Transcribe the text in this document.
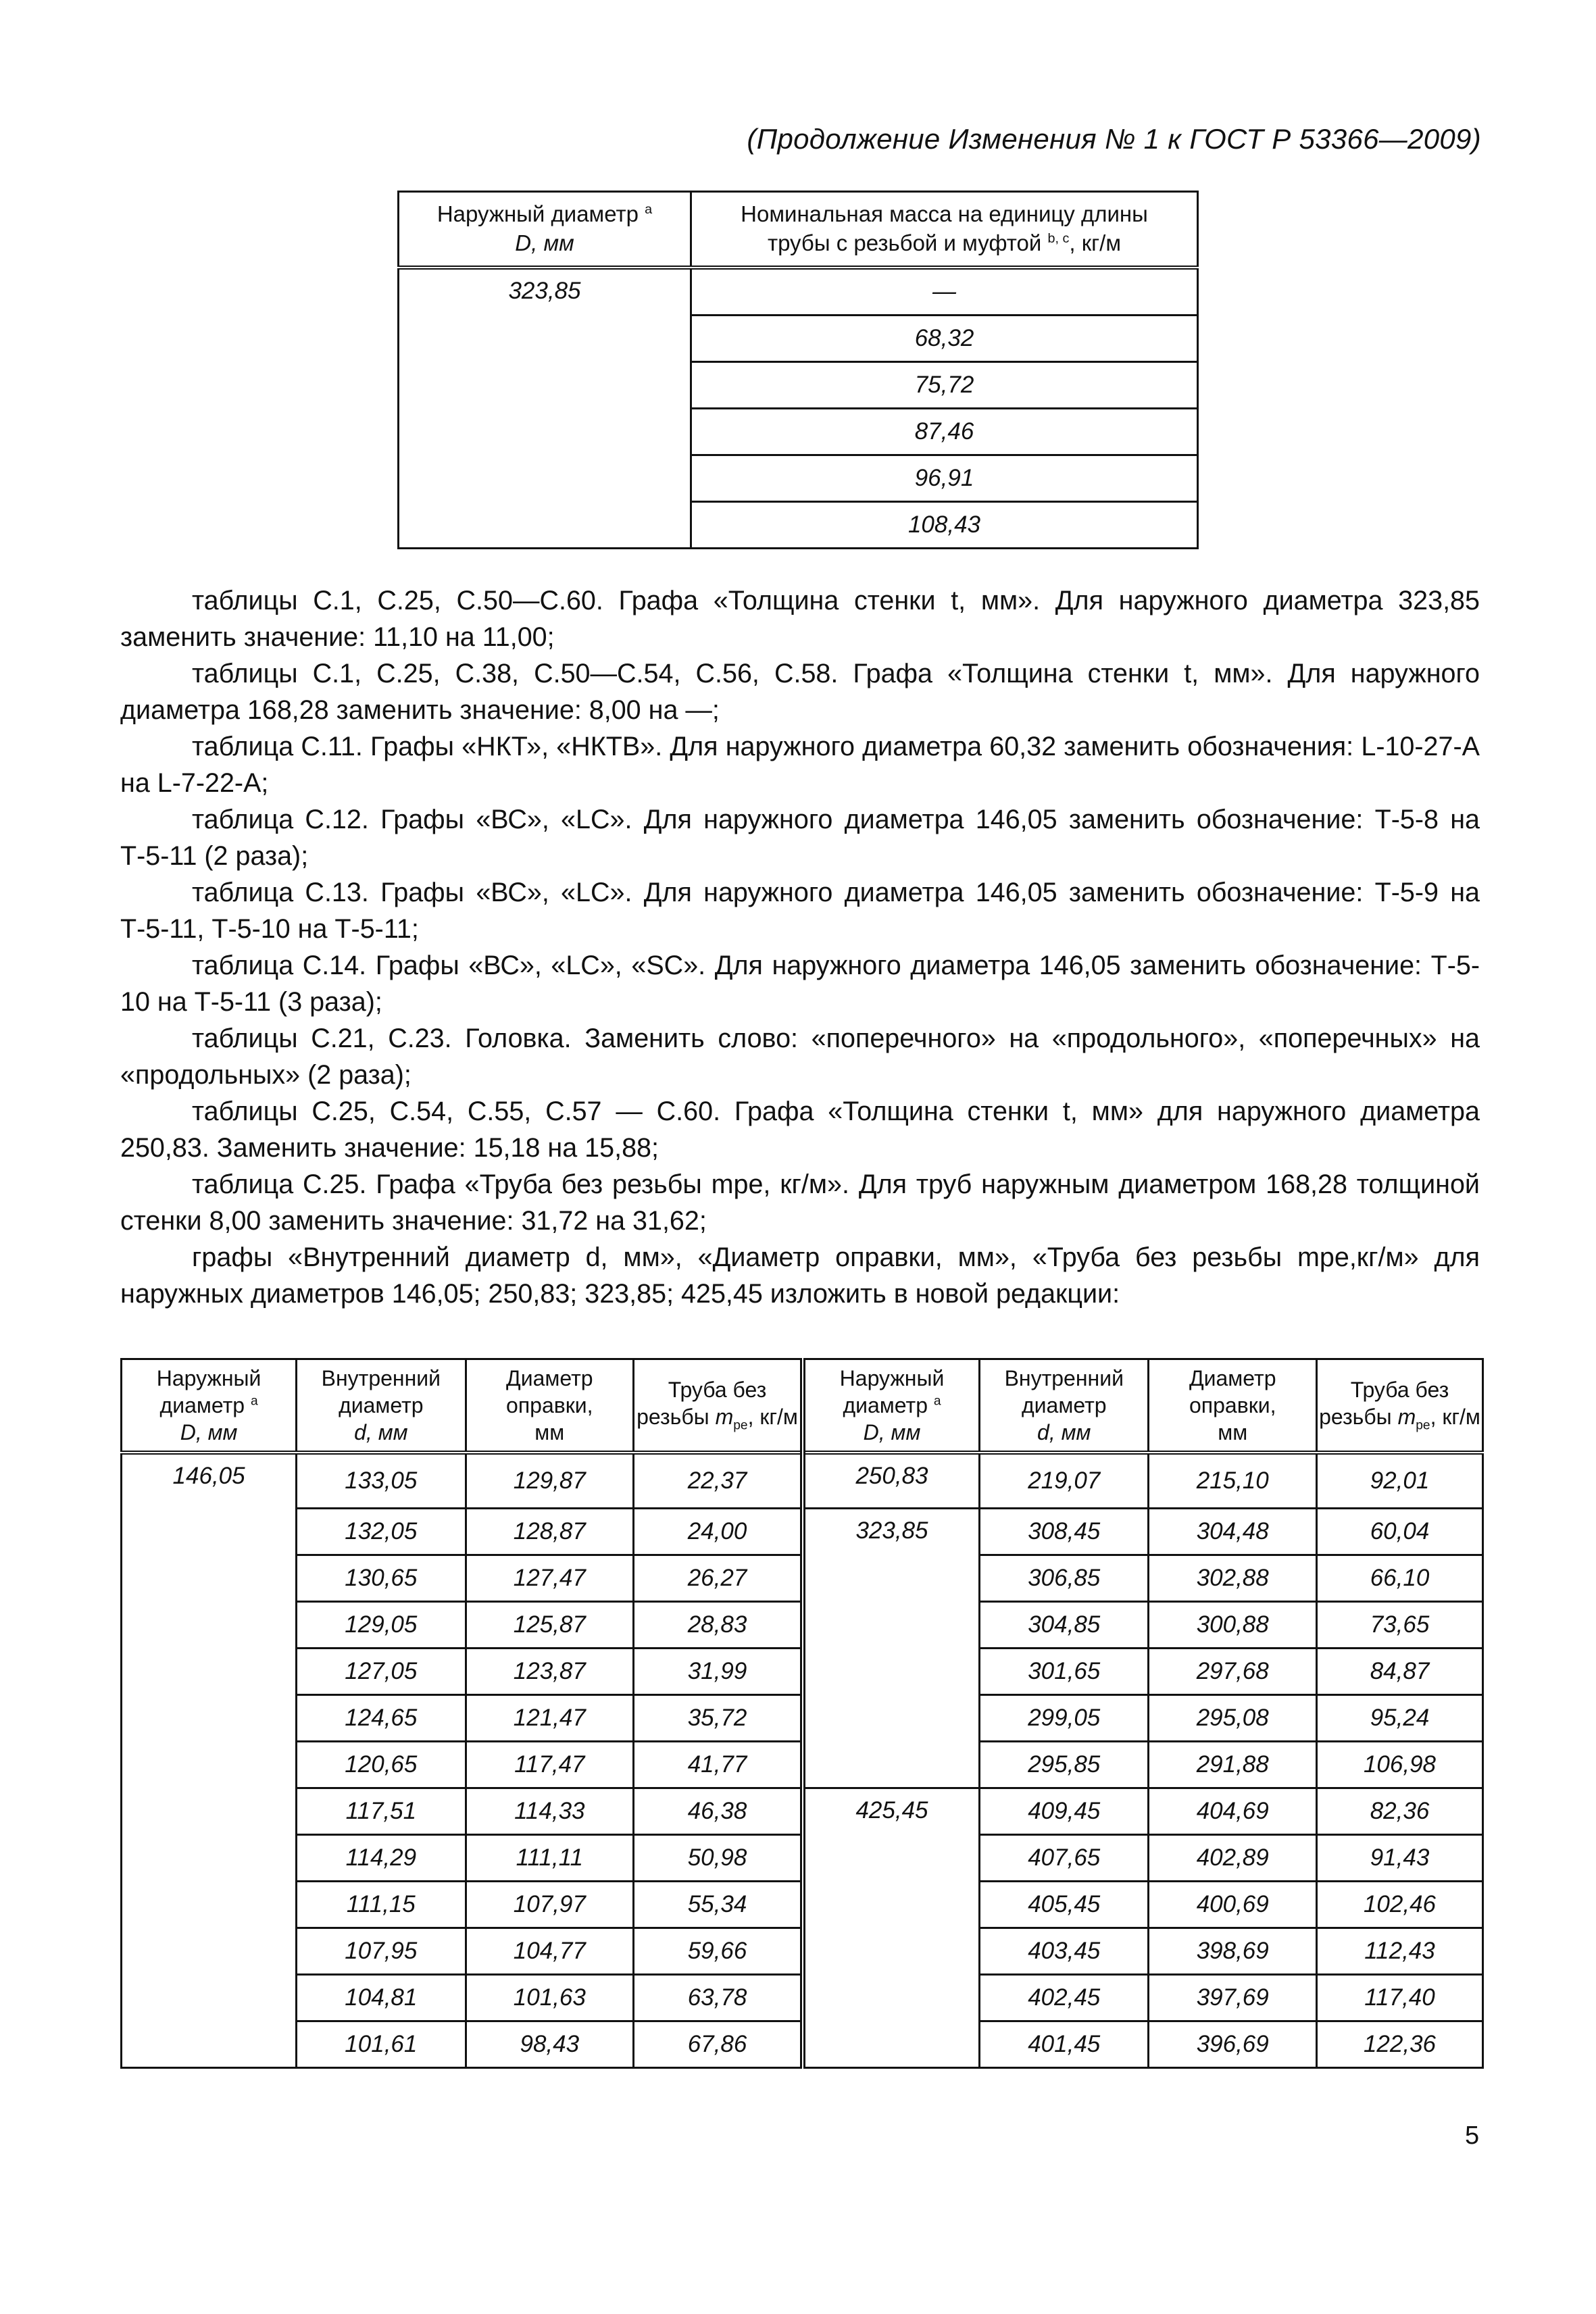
(Продолжение Изменения № 1 к ГОСТ Р 53366—2009)
Наружный диаметр $^a$
D, мм	Номинальная масса на единицу длины
трубы с резьбой и муфтой $^{b, c}$, кг/м
323,85	—
	68,32
	75,72
	87,46
	96,91
	108,43

таблицы С.1, С.25, С.50—С.60. Графа «Толщина стенки t, мм». Для наружного диаметра 323,85 заменить значение: 11,10 на 11,00;

таблицы С.1, С.25, С.38, С.50—С.54, С.56, С.58. Графа «Толщина стенки t, мм». Для наружного диаметра 168,28 заменить значение: 8,00 на —;

таблица С.11. Графы «НКТ», «НКТВ». Для наружного диаметра 60,32 заменить обозначения: L-10-27-A на L-7-22-A;

таблица С.12. Графы «ВС», «LC». Для наружного диаметра 146,05 заменить обозначение: Т-5-8 на Т-5-11 (2 раза);

таблица С.13. Графы «ВС», «LC». Для наружного диаметра 146,05 заменить обозначение: Т-5-9 на Т-5-11, Т-5-10 на Т-5-11;

таблица С.14. Графы «ВС», «LC», «SC». Для наружного диаметра 146,05 заменить обозначение: Т-5-10 на Т-5-11 (3 раза);

таблицы С.21, С.23. Головка. Заменить слово: «поперечного» на «продольного», «поперечных» на «продольных» (2 раза);

таблицы С.25, С.54, С.55, С.57 — С.60. Графа «Толщина стенки t, мм» для наружного диаметра 250,83. Заменить значение: 15,18 на 15,88;

таблица С.25. Графа «Труба без резьбы mpe, кг/м». Для труб наружным диаметром 168,28 толщиной стенки 8,00 заменить значение: 31,72 на 31,62;

графы «Внутренний диаметр d, мм», «Диаметр оправки, мм», «Труба без резьбы mpe,кг/м» для наружных диаметров 146,05; 250,83; 323,85; 425,45 изложить в новой редакции:

Наружный диаметр $^a$
D, мм	Внутренний диаметр
d, мм	Диаметр оправки,
мм	Труба без резьбы $m_{pe}$, кг/м	Наружный диаметр $^a$
D, мм	Внутренний диаметр
d, мм	Диаметр оправки,
мм	Труба без резьбы $m_{pe}$, кг/м
146,05	133,05	129,87	22,37	250,83	219,07	215,10	92,01
	132,05	128,87	24,00	323,85	308,45	304,48	60,04
	130,65	127,47	26,27		306,85	302,88	66,10
	129,05	125,87	28,83		304,85	300,88	73,65
	127,05	123,87	31,99		301,65	297,68	84,87
	124,65	121,47	35,72		299,05	295,08	95,24
	120,65	117,47	41,77		295,85	291,88	106,98
	117,51	114,33	46,38	425,45	409,45	404,69	82,36
	114,29	111,11	50,98		407,65	402,89	91,43
	111,15	107,97	55,34		405,45	400,69	102,46
	107,95	104,77	59,66		403,45	398,69	112,43
	104,81	101,63	63,78		402,45	397,69	117,40
	101,61	98,43	67,86		401,45	396,69	122,36
5
